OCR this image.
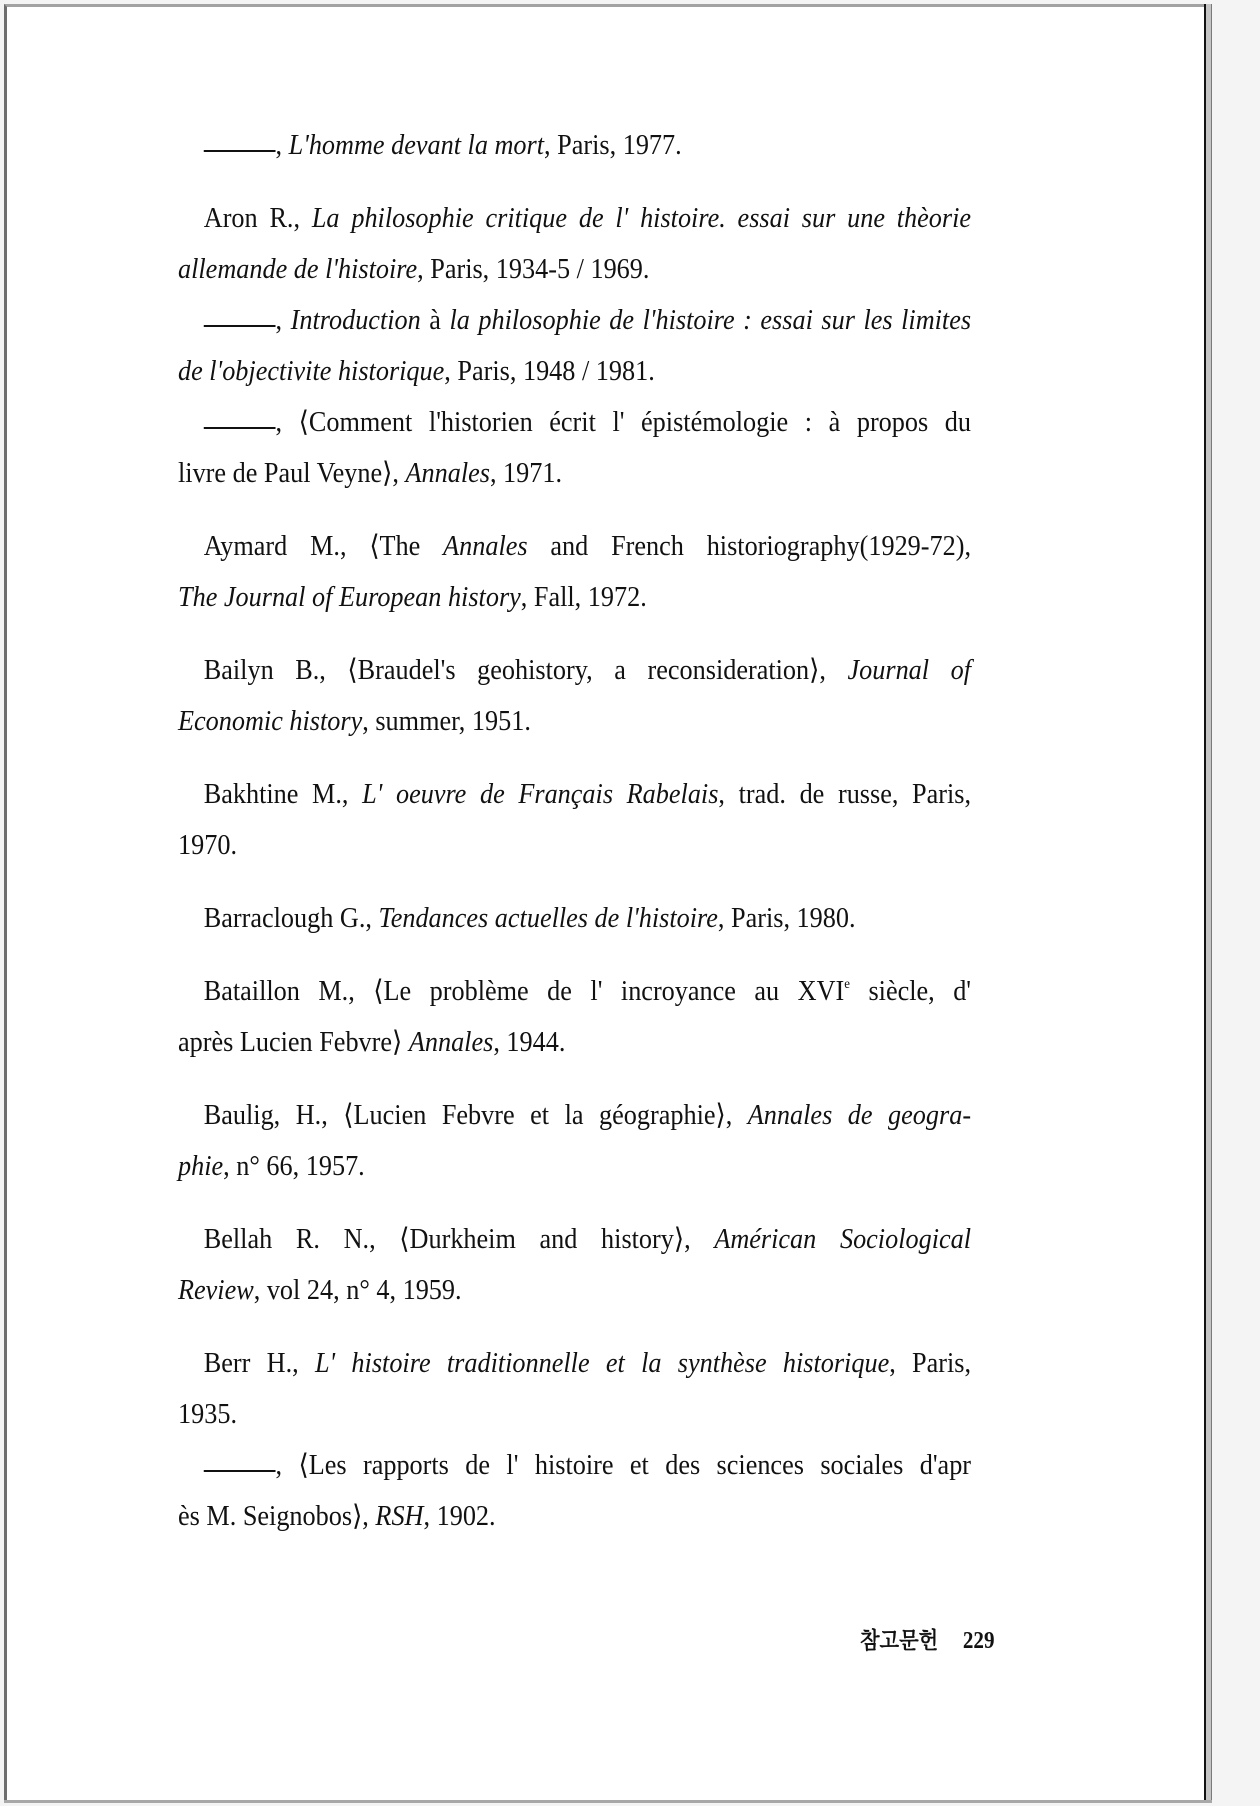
, L'homme devant la mort, Paris, 1977.

Aron R., La philosophie critique de l' histoire. essai sur une thèorie
allemande de l'histoire, Paris, 1934-5 / 1969.

, Introduction à la philosophie de l'histoire : essai sur les limites
de l'objectivite historique, Paris, 1948 / 1981.

, ⟨Comment l'historien écrit l' épistémologie : à propos du
livre de Paul Veyne⟩, Annales, 1971.

Aymard M., ⟨The Annales and French historiography(1929-72),
The Journal of European history, Fall, 1972.

Bailyn B., ⟨Braudel's geohistory, a reconsideration⟩, Journal of
Economic history, summer, 1951.

Bakhtine M., L' oeuvre de Français Rabelais, trad. de russe, Paris,
1970.

Barraclough G., Tendances actuelles de l'histoire, Paris, 1980.

Bataillon M., ⟨Le problème de l' incroyance au XVIe siècle, d'
après Lucien Febvre⟩ Annales, 1944.

Baulig, H., ⟨Lucien Febvre et la géographie⟩, Annales de geogra-
phie, n° 66, 1957.

Bellah R. N., ⟨Durkheim and history⟩, Américan Sociological
Review, vol 24, n° 4, 1959.

Berr H., L' histoire traditionnelle et la synthèse historique, Paris,
1935.

, ⟨Les rapports de l' histoire et des sciences sociales d'apr
ès M. Seignobos⟩, RSH, 1902.

참고문헌 229
